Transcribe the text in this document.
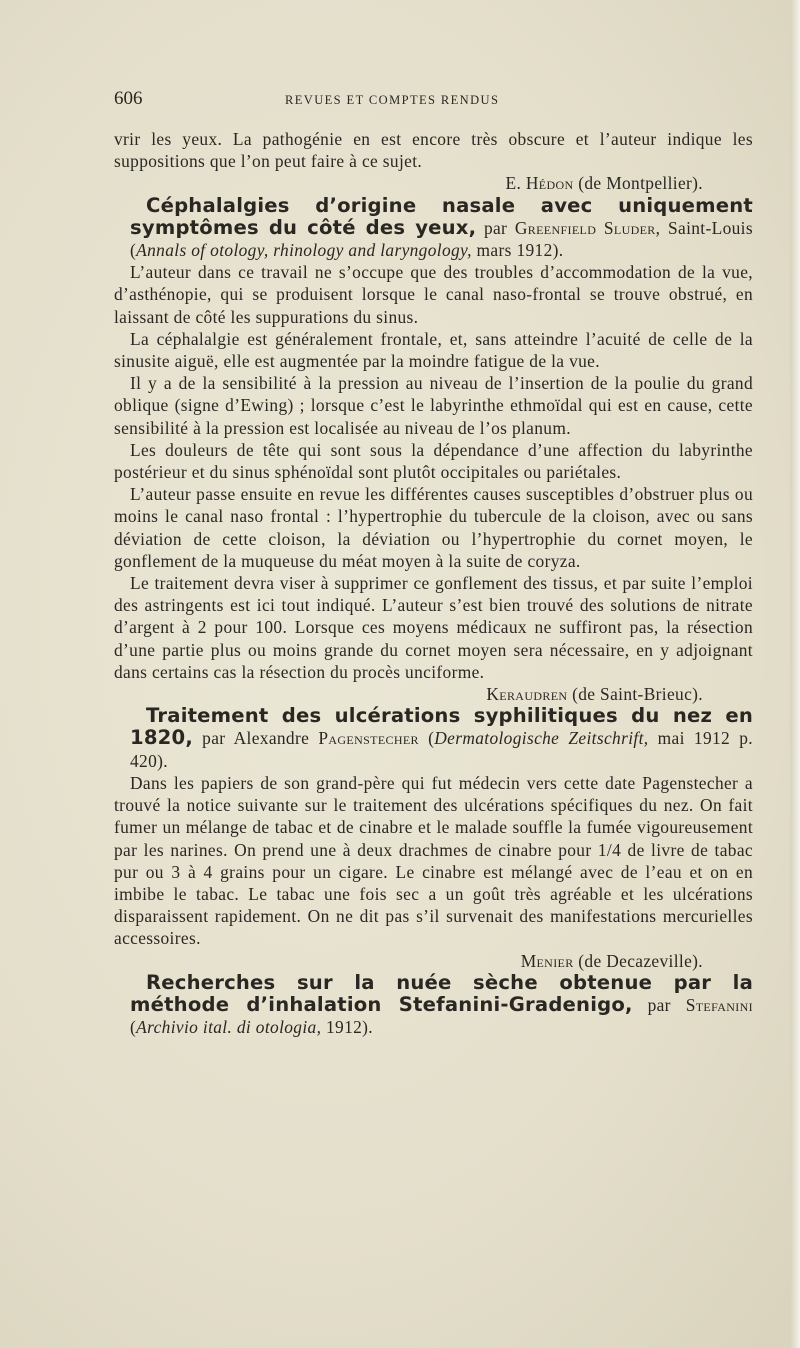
606	REVUES ET COMPTES RENDUS

vrir les yeux. La pathogénie en est encore très obscure et l’auteur indique les suppositions que l’on peut faire à ce sujet.

E. Hédon (de Montpellier).

Céphalalgies d’origine nasale avec uniquement symptômes du côté des yeux, par Greenfield Sluder, Saint-Louis (Annals of otology, rhinology and laryngology, mars 1912).

L’auteur dans ce travail ne s’occupe que des troubles d’accommodation de la vue, d’asthénopie, qui se produisent lorsque le canal naso-frontal se trouve obstrué, en laissant de côté les suppurations du sinus.

La céphalalgie est généralement frontale, et, sans atteindre l’acuité de celle de la sinusite aiguë, elle est augmentée par la moindre fatigue de la vue.

Il y a de la sensibilité à la pression au niveau de l’insertion de la poulie du grand oblique (signe d’Ewing) ; lorsque c’est le labyrinthe ethmoïdal qui est en cause, cette sensibilité à la pression est localisée au niveau de l’os planum.

Les douleurs de tête qui sont sous la dépendance d’une affection du labyrinthe postérieur et du sinus sphénoïdal sont plutôt occipitales ou pariétales.

L’auteur passe ensuite en revue les différentes causes susceptibles d’obstruer plus ou moins le canal naso frontal : l’hypertrophie du tubercule de la cloison, avec ou sans déviation de cette cloison, la déviation ou l’hypertrophie du cornet moyen, le gonflement de la muqueuse du méat moyen à la suite de coryza.

Le traitement devra viser à supprimer ce gonflement des tissus, et par suite l’emploi des astringents est ici tout indiqué. L’auteur s’est bien trouvé des solutions de nitrate d’argent à 2 pour 100. Lorsque ces moyens médicaux ne suffiront pas, la résection d’une partie plus ou moins grande du cornet moyen sera nécessaire, en y adjoignant dans certains cas la résection du procès unciforme.

Keraudren (de Saint-Brieuc).

Traitement des ulcérations syphilitiques du nez en 1820, par Alexandre Pagenstecher (Dermatologische Zeitschrift, mai 1912 p. 420).

Dans les papiers de son grand-père qui fut médecin vers cette date Pagenstecher a trouvé la notice suivante sur le traitement des ulcérations spécifiques du nez. On fait fumer un mélange de tabac et de cinabre et le malade souffle la fumée vigoureusement par les narines. On prend une à deux drachmes de cinabre pour 1/4 de livre de tabac pur ou 3 à 4 grains pour un cigare. Le cinabre est mélangé avec de l’eau et on en imbibe le tabac. Le tabac une fois sec a un goût très agréable et les ulcérations disparaissent rapidement. On ne dit pas s’il survenait des manifestations mercurielles accessoires.

Menier (de Decazeville).

Recherches sur la nuée sèche obtenue par la méthode d’inhalation Stefanini-Gradenigo, par Stefanini (Archivio ital. di otologia, 1912).
